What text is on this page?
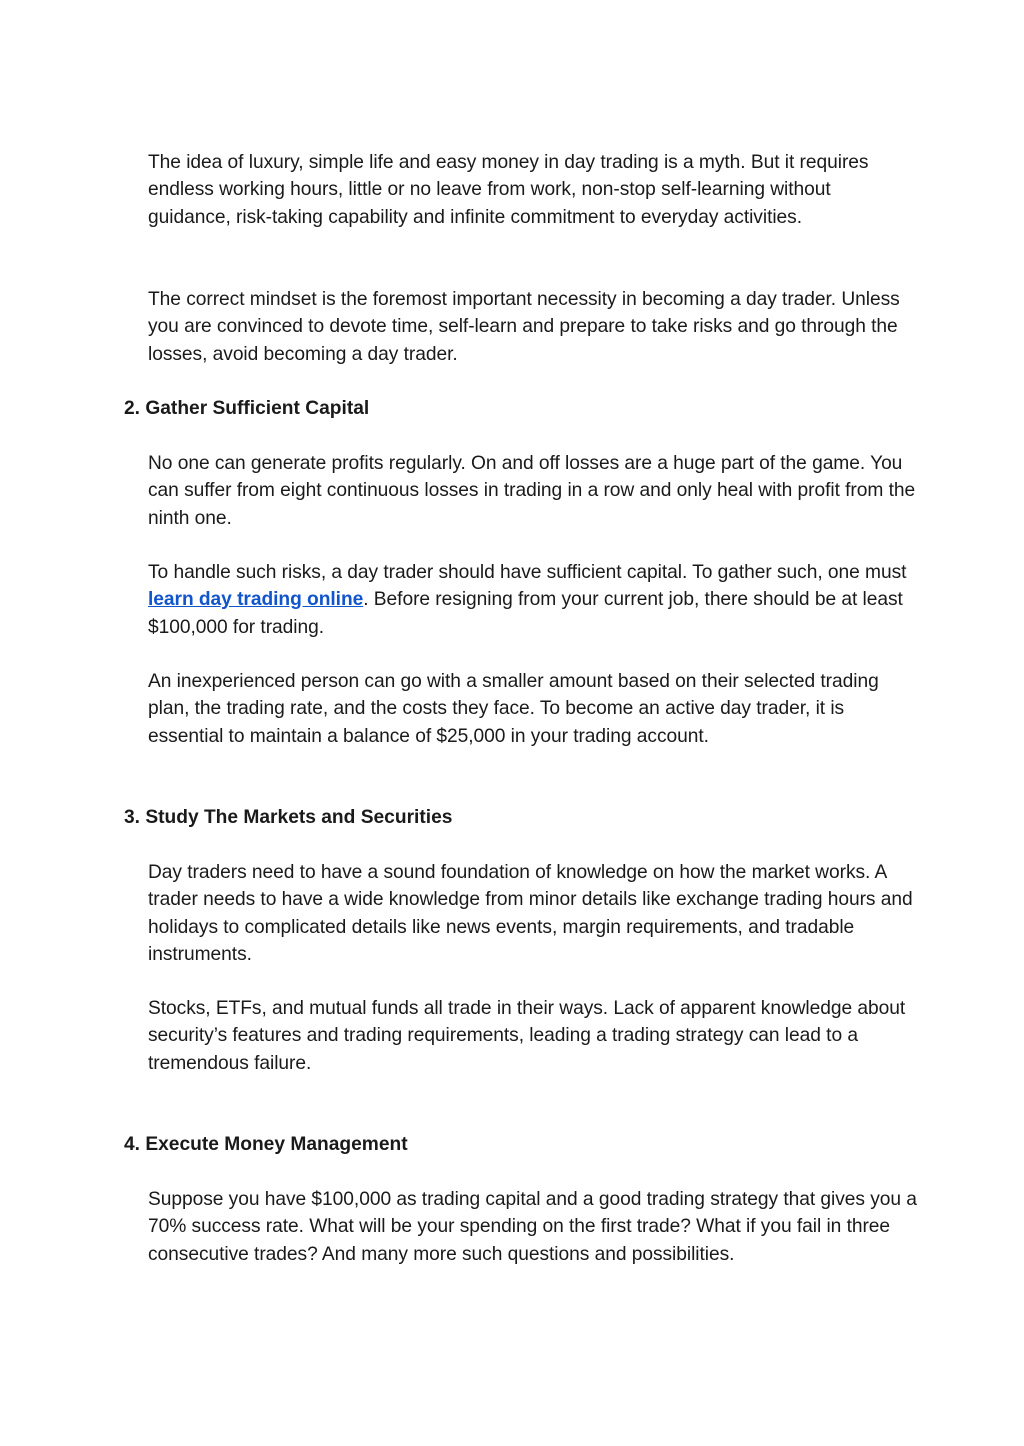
The idea of luxury, simple life and easy money in day trading is a myth. But it requires endless working hours, little or no leave from work, non-stop self-learning without guidance, risk-taking capability and infinite commitment to everyday activities.

The correct mindset is the foremost important necessity in becoming a day trader. Unless you are convinced to devote time, self-learn and prepare to take risks and go through the losses, avoid becoming a day trader.

2. Gather Sufficient Capital

No one can generate profits regularly. On and off losses are a huge part of the game. You can suffer from eight continuous losses in trading in a row and only heal with profit from the ninth one.

To handle such risks, a day trader should have sufficient capital. To gather such, one must learn day trading online. Before resigning from your current job, there should be at least $100,000 for trading.

An inexperienced person can go with a smaller amount based on their selected trading plan, the trading rate, and the costs they face. To become an active day trader, it is essential to maintain a balance of $25,000 in your trading account.

3. Study The Markets and Securities

Day traders need to have a sound foundation of knowledge on how the market works. A trader needs to have a wide knowledge from minor details like exchange trading hours and holidays to complicated details like news events, margin requirements, and tradable instruments.

Stocks, ETFs, and mutual funds all trade in their ways. Lack of apparent knowledge about security’s features and trading requirements, leading a trading strategy can lead to a tremendous failure.

4. Execute Money Management

Suppose you have $100,000 as trading capital and a good trading strategy that gives you a 70% success rate. What will be your spending on the first trade? What if you fail in three consecutive trades? And many more such questions and possibilities.
